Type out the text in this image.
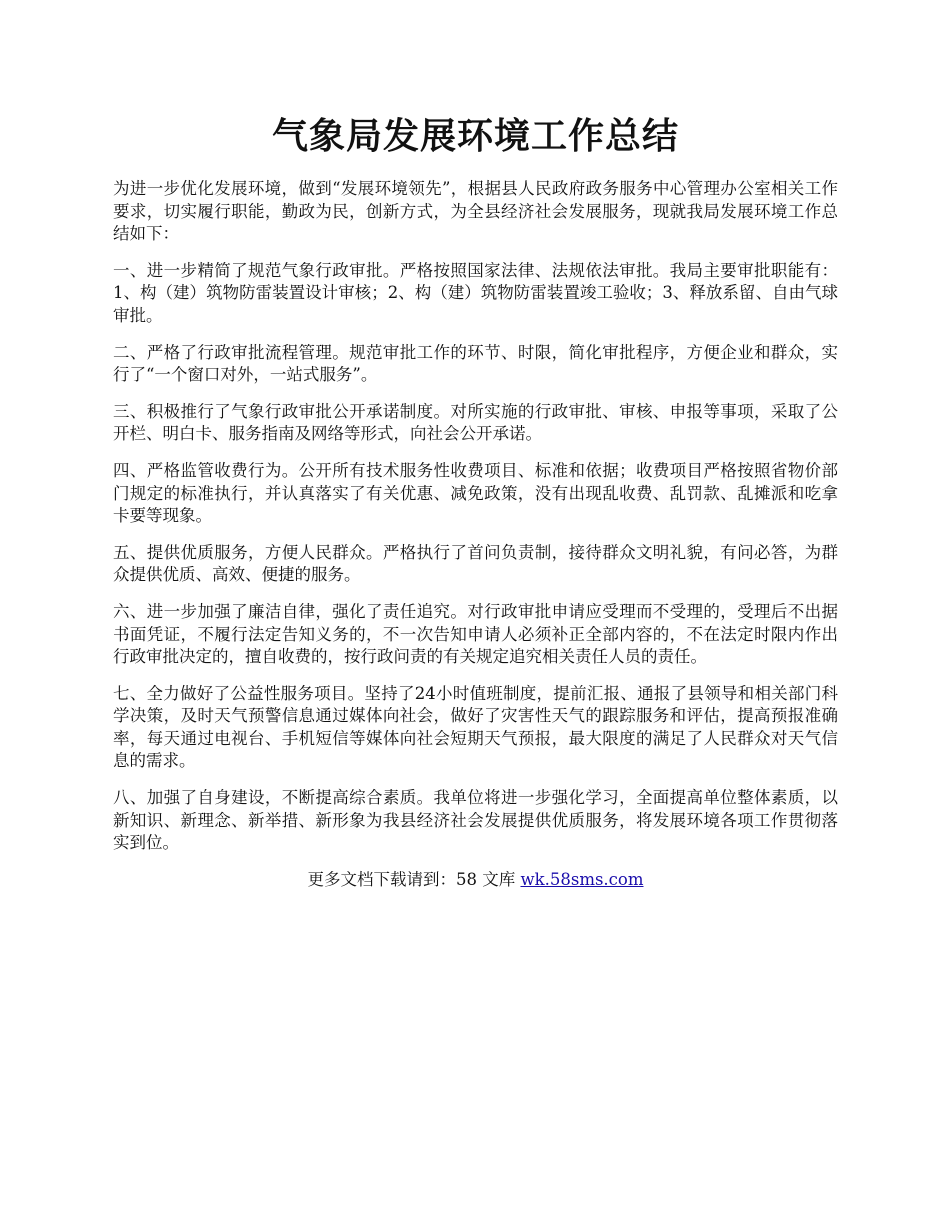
气象局发展环境工作总结

为进一步优化发展环境，做到“发展环境领先”，根据县人民政府政务服务中心管理办公室相关工作要求，切实履行职能，勤政为民，创新方式，为全县经济社会发展服务，现就我局发展环境工作总结如下：

一、进一步精简了规范气象行政审批。严格按照国家法律、法规依法审批。我局主要审批职能有：1、构（建）筑物防雷装置设计审核；2、构（建）筑物防雷装置竣工验收；3、释放系留、自由气球审批。

二、严格了行政审批流程管理。规范审批工作的环节、时限，简化审批程序，方便企业和群众，实行了“一个窗口对外，一站式服务”。

三、积极推行了气象行政审批公开承诺制度。对所实施的行政审批、审核、申报等事项，采取了公开栏、明白卡、服务指南及网络等形式，向社会公开承诺。

四、严格监管收费行为。公开所有技术服务性收费项目、标准和依据；收费项目严格按照省物价部门规定的标准执行，并认真落实了有关优惠、减免政策，没有出现乱收费、乱罚款、乱摊派和吃拿卡要等现象。

五、提供优质服务，方便人民群众。严格执行了首问负责制，接待群众文明礼貌，有问必答，为群众提供优质、高效、便捷的服务。

六、进一步加强了廉洁自律，强化了责任追究。对行政审批申请应受理而不受理的，受理后不出据书面凭证，不履行法定告知义务的，不一次告知申请人必须补正全部内容的，不在法定时限内作出行政审批决定的，擅自收费的，按行政问责的有关规定追究相关责任人员的责任。

七、全力做好了公益性服务项目。坚持了24小时值班制度，提前汇报、通报了县领导和相关部门科学决策，及时天气预警信息通过媒体向社会，做好了灾害性天气的跟踪服务和评估，提高预报准确率，每天通过电视台、手机短信等媒体向社会短期天气预报，最大限度的满足了人民群众对天气信息的需求。

八、加强了自身建设，不断提高综合素质。我单位将进一步强化学习，全面提高单位整体素质，以新知识、新理念、新举措、新形象为我县经济社会发展提供优质服务，将发展环境各项工作贯彻落实到位。

更多文档下载请到：58 文库 wk.58sms.com
